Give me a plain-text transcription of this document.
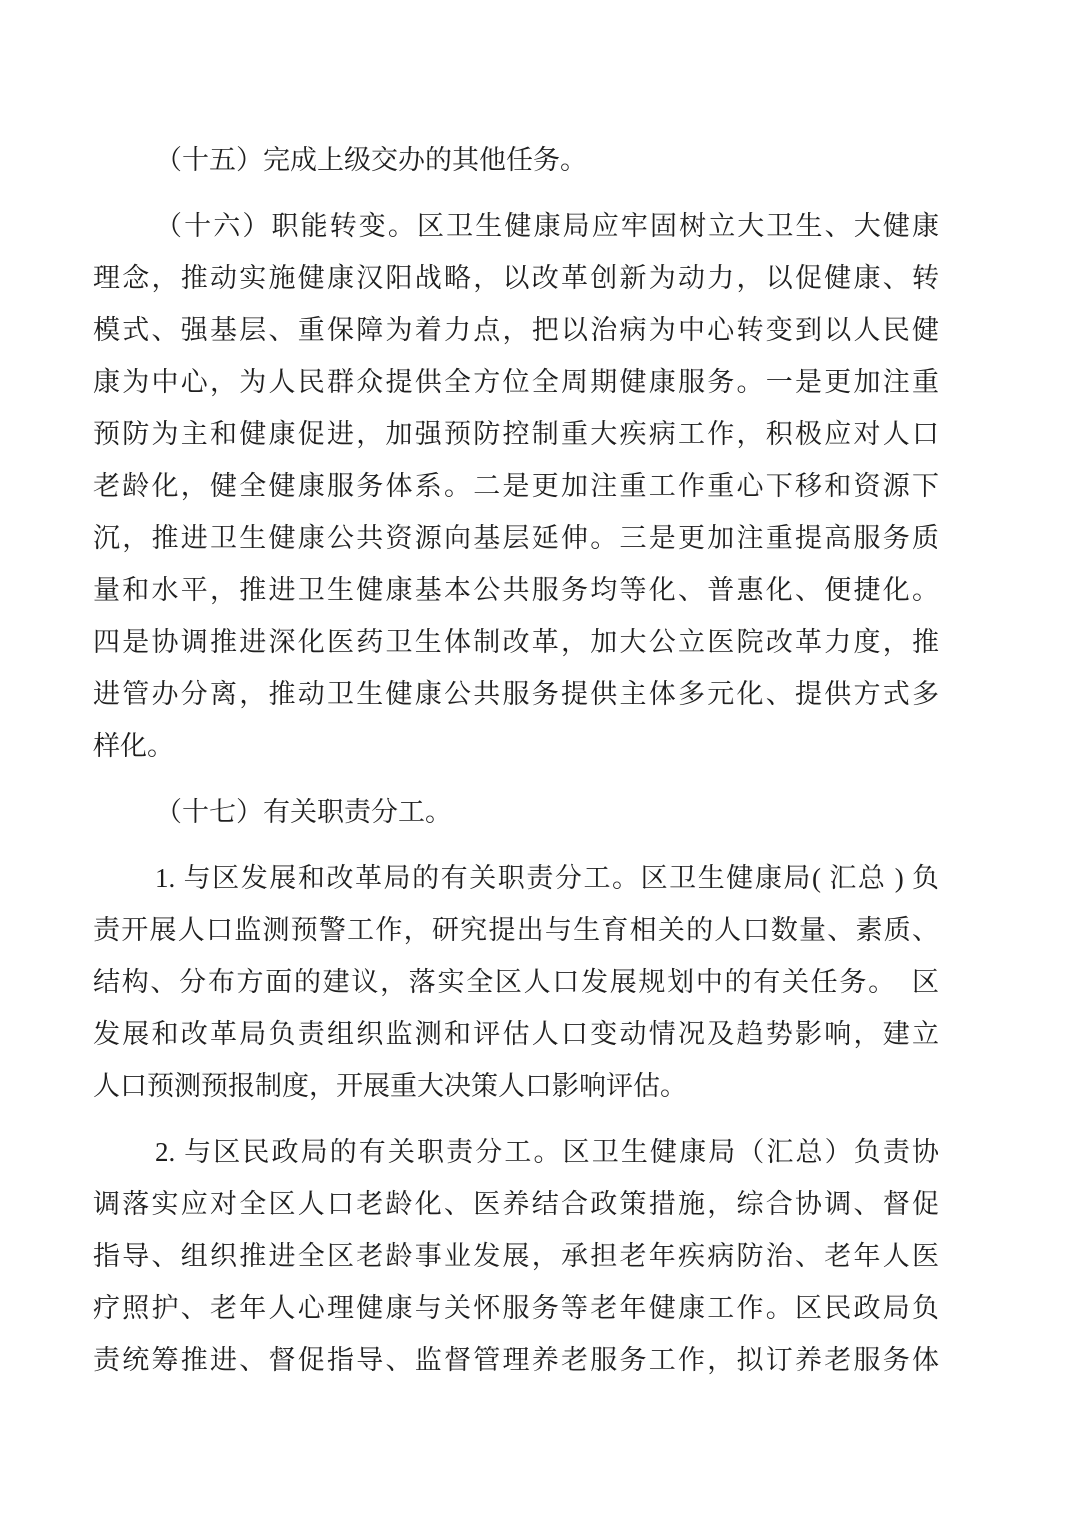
（十五）完成上级交办的其他任务。
（十六）职能转变。区卫生健康局应牢固树立大卫生、大健康
理念，推动实施健康汉阳战略，以改革创新为动力，以促健康、转
模式、强基层、重保障为着力点，把以治病为中心转变到以人民健
康为中心，为人民群众提供全方位全周期健康服务。一是更加注重
预防为主和健康促进，加强预防控制重大疾病工作，积极应对人口
老龄化，健全健康服务体系。二是更加注重工作重心下移和资源下
沉，推进卫生健康公共资源向基层延伸。三是更加注重提高服务质
量和水平，推进卫生健康基本公共服务均等化、普惠化、便捷化。
四是协调推进深化医药卫生体制改革，加大公立医院改革力度，推
进管办分离，推动卫生健康公共服务提供主体多元化、提供方式多
样化。
（十七）有关职责分工。
1. 与区发展和改革局的有关职责分工。区卫生健康局( 汇总 ) 负
责开展人口监测预警工作，研究提出与生育相关的人口数量、素质、
结构、分布方面的建议，落实全区人口发展规划中的有关任务。　区
发展和改革局负责组织监测和评估人口变动情况及趋势影响，建立
人口预测预报制度，开展重大决策人口影响评估。
2. 与区民政局的有关职责分工。区卫生健康局（汇总）负责协
调落实应对全区人口老龄化、医养结合政策措施，综合协调、督促
指导、组织推进全区老龄事业发展，承担老年疾病防治、老年人医
疗照护、老年人心理健康与关怀服务等老年健康工作。区民政局负
责统筹推进、督促指导、监督管理养老服务工作，拟订养老服务体
